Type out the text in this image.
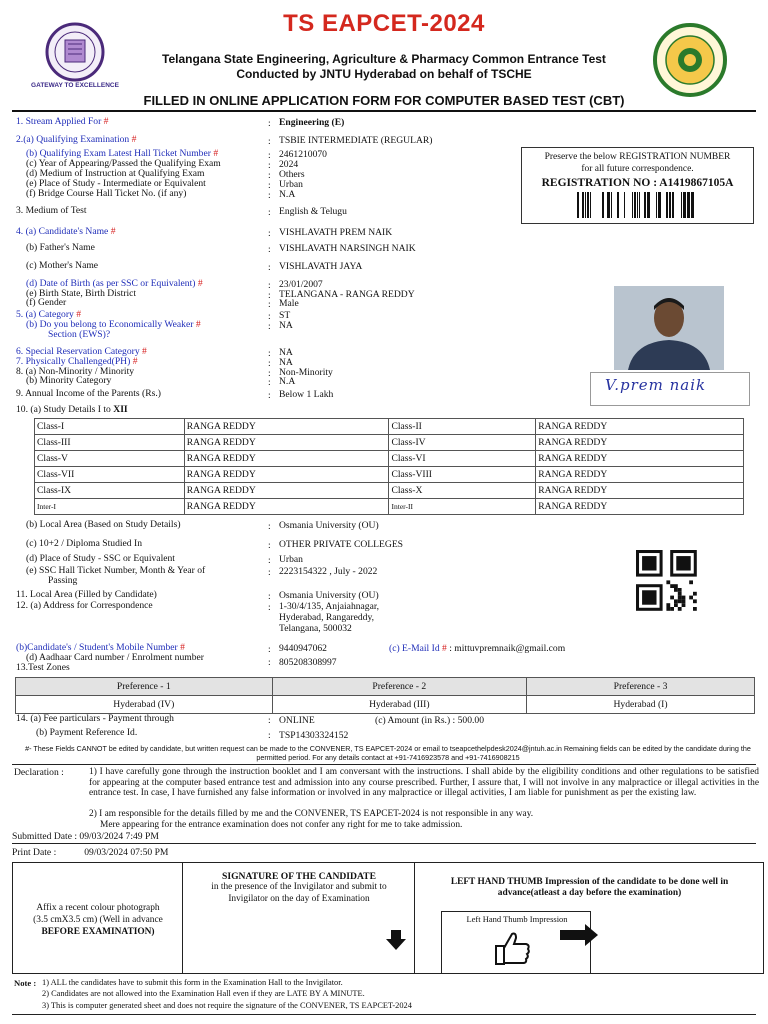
GATEWAY TO EXCELLENCE
TS EAPCET-2024
Telangana State Engineering, Agriculture & Pharmacy Common Entrance Test
Conducted by JNTU Hyderabad on behalf of TSCHE
FILLED IN ONLINE APPLICATION FORM FOR COMPUTER BASED TEST (CBT)
Preserve the below REGISTRATION NUMBER
for all future correspondence.
REGISTRATION NO : A1419867105A
1. Stream Applied For #	: Engineering (E)
2.(a) Qualifying Examination #	: TSBIE INTERMEDIATE (REGULAR)
(b) Qualifying Exam Latest Hall Ticket Number #	: 2461210070
(c) Year of Appearing/Passed the Qualifying Exam	: 2024
(d) Medium of Instruction at Qualifying Exam	: Others
(e) Place of Study - Intermediate or Equivalent	: Urban
(f) Bridge Course Hall Ticket No. (if any)	: N.A
3. Medium of Test	: English & Telugu
4. (a) Candidate's Name #	: VISHLAVATH PREM NAIK
(b) Father's Name	: VISHLAVATH NARSINGH NAIK
(c) Mother's Name	: VISHLAVATH JAYA
(d) Date of Birth (as per SSC or Equivalent) #	: 23/01/2007
(e) Birth State, Birth District	: TELANGANA - RANGA REDDY
(f) Gender	: Male
5. (a) Category #	: ST
(b) Do you belong to Economically Weaker #
Section (EWS)?
: NA
6. Special Reservation Category #	: NA
7. Physically Challenged(PH) #	: NA
8. (a) Non-Minority / Minority	: Non-Minority
(b) Minority Category	: N.A
9. Annual Income of the Parents (Rs.)	: Below 1 Lakh
V.prem naik
10. (a) Study Details I to XII
Class-I	RANGA REDDY	Class-II	RANGA REDDY
Class-III	RANGA REDDY	Class-IV	RANGA REDDY
Class-V	RANGA REDDY	Class-VI	RANGA REDDY
Class-VII	RANGA REDDY	Class-VIII	RANGA REDDY
Class-IX	RANGA REDDY	Class-X	RANGA REDDY
Inter-I	RANGA REDDY	Inter-II	RANGA REDDY
(b) Local Area (Based on Study Details)	: Osmania University (OU)
(c) 10+2 / Diploma Studied In	: OTHER PRIVATE COLLEGES
(d) Place of Study - SSC or Equivalent	: Urban
(e) SSC Hall Ticket Number, Month & Year of
Passing
: 2223154322 , July - 2022
11. Local Area (Filled by Candidate)	: Osmania University (OU)
12. (a) Address for Correspondence	: 1-30/4/135, Anjaiahnagar,
Hyderabad, Rangareddy,
Telangana, 500032
(b)Candidate's / Student's Mobile Number #	: 9440947062	(c) E-Mail Id # : mittuvpremnaik@gmail.com
(d) Aadhaar Card number / Enrolment number	: 805208308997
13.Test Zones
Preference - 1	Preference - 2	Preference - 3
Hyderabad (IV)	Hyderabad (III)	Hyderabad (I)
14. (a) Fee particulars - Payment through	: ONLINE	(c) Amount (in Rs.) : 500.00
(b) Payment Reference Id.	: TSP14303324152
#- These Fields CANNOT be edited by candidate, but written request can be made to the CONVENER, TS EAPCET-2024 or email to tseapcethelpdesk2024@jntuh.ac.in Remaining fields can be edited by the candidate during the permitted period. For any details contact at +91-7416923578 and +91-7416908215
Declaration :	1) I have carefully gone through the instruction booklet and I am conversant with the instructions. I shall abide by the eligibility conditions and other regulations to be satisfied for appearing at the computer based entrance test and admission into any course prescribed. Further, I assure that, I will not involve in any malpractice or illegal activities in the entrance test. In case, I have furnished any false information or involved in any malpractice or illegal activities, I am liable for punishment as per the existing law.
2) I am responsible for the details filled by me and the CONVENER, TS EAPCET-2024 is not responsible in any way.
Mere appearing for the entrance examination does not confer any right for me to take admission.
Submitted Date : 09/03/2024 7:49 PM
Print Date :	09/03/2024 07:50 PM
Affix a recent colour photograph
(3.5 cmX3.5 cm) (Well in advance
BEFORE EXAMINATION)
SIGNATURE OF THE CANDIDATE
in the presence of the Invigilator and submit to
Invigilator on the day of Examination
LEFT HAND THUMB Impression of the candidate to be done well in
advance(atleast a day before the examination)
Left Hand Thumb Impression
Note : 1) ALL the candidates have to submit this form in the Examination Hall to the Invigilator.
2) Candidates are not allowed into the Examination Hall even if they are LATE BY A MINUTE.
3) This is computer generated sheet and does not require the signature of the CONVENER, TS EAPCET-2024
